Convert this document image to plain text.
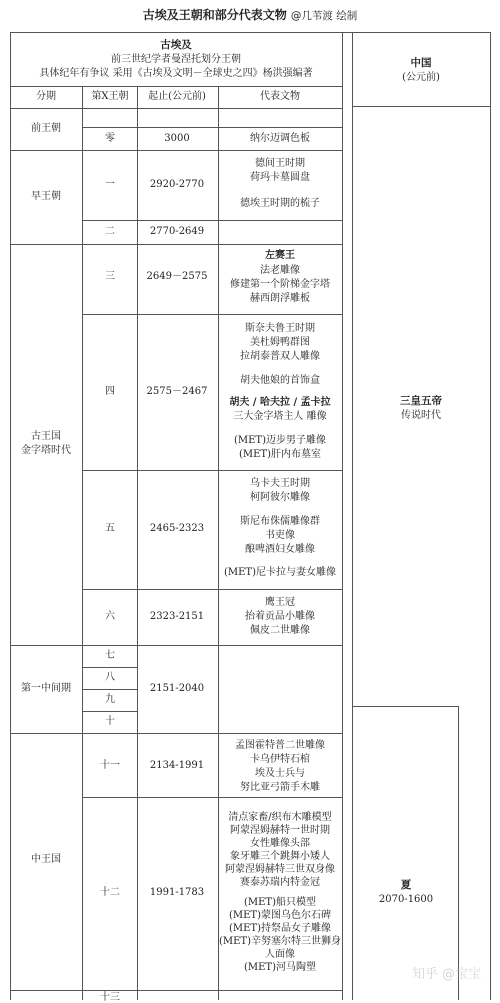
古埃及王朝和部分代表文物 @几苇渡 绘制
古埃及
前三世纪学者曼涅托划分王朝
具体纪年有争议 采用《古埃及文明－全球史之四》杨洪强编著
中国
(公元前)
分期	第X王朝 起止(公元前)	代表文物
前王朝
早王朝
古王国
金字塔时代
第一中间期
中王国
零
一
二
三
四
五
六
七
八
九
十
十一
十二
十三
3000
2920-2770
2770-2649
2649－2575
2575－2467
2465-2323
2323-2151
2151-2040
2134-1991
1991-1783
纳尔迈调色板
德间王时期
荷玛卡墓圆盘
德埃王时期的梳子
左赛王
法老雕像
修建第一个阶梯金字塔
赫西朗浮雕板
斯奈夫鲁王时期
美杜姆鸭群图
拉胡泰普双人雕像
胡夫他娘的首饰盒
胡夫 / 哈夫拉 / 孟卡拉
三大金字塔主人 雕像
(MET)迈步男子雕像
(MET)肝内布墓室
乌卡夫王时期
柯阿彼尔雕像
斯尼布侏儒雕像群
书吏像
酿啤酒妇女雕像
(MET)尼卡拉与妻女雕像
鹰王冠
抬着贡品小雕像
佩皮二世雕像
孟图霍特普二世雕像
卡乌伊特石棺
埃及士兵与
努比亚弓箭手木雕
清点家畜/织布木雕模型
阿蒙涅姆赫特一世时期
女性雕像头部
象牙雕三个跳舞小矮人
阿蒙涅姆赫特三世双身像
赛泰苏瑞内特金冠
(MET)船只模型
(MET)蒙图乌色尔石碑
(MET)持祭品女子雕像
(MET)辛努塞尔特三世狮身
人面像
(MET)河马陶塑
三皇五帝
传说时代
夏
2070-1600
知乎 @宝宝
